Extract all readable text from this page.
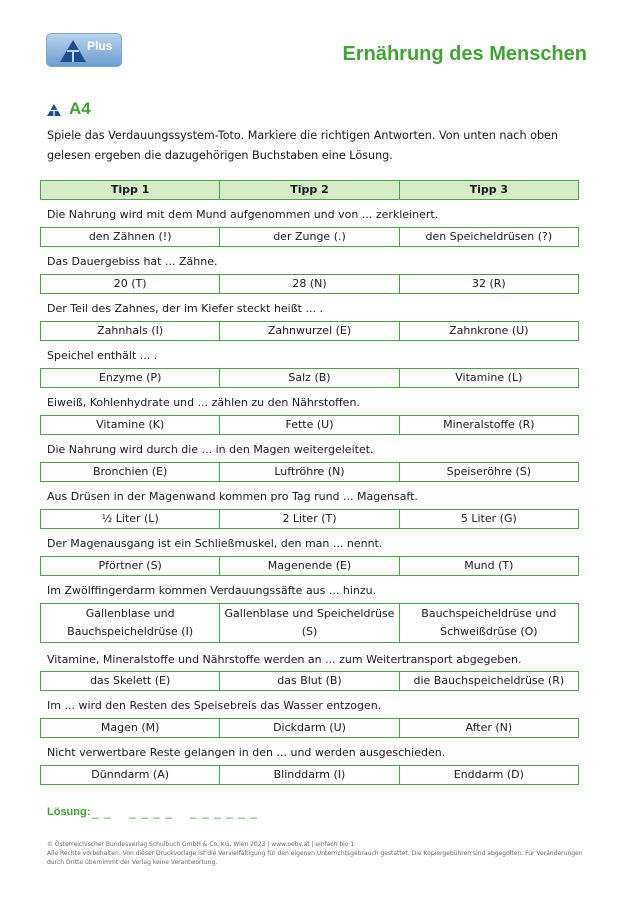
Plus	Ernährung des Menschen
A4
Spiele das Verdauungssystem-Toto. Markiere die richtigen Antworten. Von unten nach oben gelesen ergeben die dazugehörigen Buchstaben eine Lösung.
Tipp 1	Tipp 2	Tipp 3
Die Nahrung wird mit dem Mund aufgenommen und von ... zerkleinert.
den Zähnen (!)	der Zunge (.)	den Speicheldrüsen (?)
Das Dauergebiss hat ... Zähne.
20 (T)	28 (N)	32 (R)
Der Teil des Zahnes, der im Kiefer steckt heißt ... .
Zahnhals (I)	Zahnwurzel (E)	Zahnkrone (U)
Speichel enthält ... .
Enzyme (P)	Salz (B)	Vitamine (L)
Eiweiß, Kohlenhydrate und ... zählen zu den Nährstoffen.
Vitamine (K)	Fette (U)	Mineralstoffe (R)
Die Nahrung wird durch die ... in den Magen weitergeleitet.
Bronchien (E)	Luftröhre (N)	Speiseröhre (S)
Aus Drüsen in der Magenwand kommen pro Tag rund ... Magensaft.
½ Liter (L)	2 Liter (T)	5 Liter (G)
Der Magenausgang ist ein Schließmuskel, den man ... nennt.
Pförtner (S)	Magenende (E)	Mund (T)
Im Zwölffingerdarm kommen Verdauungssäfte aus ... hinzu.
Gallenblase und Bauchspeicheldrüse (I)	Gallenblase und Speicheldrüse (S)	Bauchspeicheldrüse und Schweißdrüse (O)
Vitamine, Mineralstoffe und Nährstoffe werden an ... zum Weitertransport abgegeben.
das Skelett (E)	das Blut (B)	die Bauchspeicheldrüse (R)
Im ... wird den Resten des Speisebreis das Wasser entzogen.
Magen (M)	Dickdarm (U)	After (N)
Nicht verwertbare Reste gelangen in den ... und werden ausgeschieden.
Dünndarm (A)	Blinddarm (I)	Enddarm (D)
Lösung: _ _    _ _ _ _    _ _ _ _ _ _
© Österreichischer Bundesverlag Schulbuch GmbH & Co. KG, Wien 2023 | www.oebv.at | einfach bio 1
Alle Rechte vorbehalten. Von dieser Druckvorlage ist die Vervielfältigung für den eigenen Unterrichtsgebrauch gestattet. Die Kopiergebühren sind abgegolten. Für Veränderungen durch Dritte übernimmt der Verlag keine Verantwortung.
